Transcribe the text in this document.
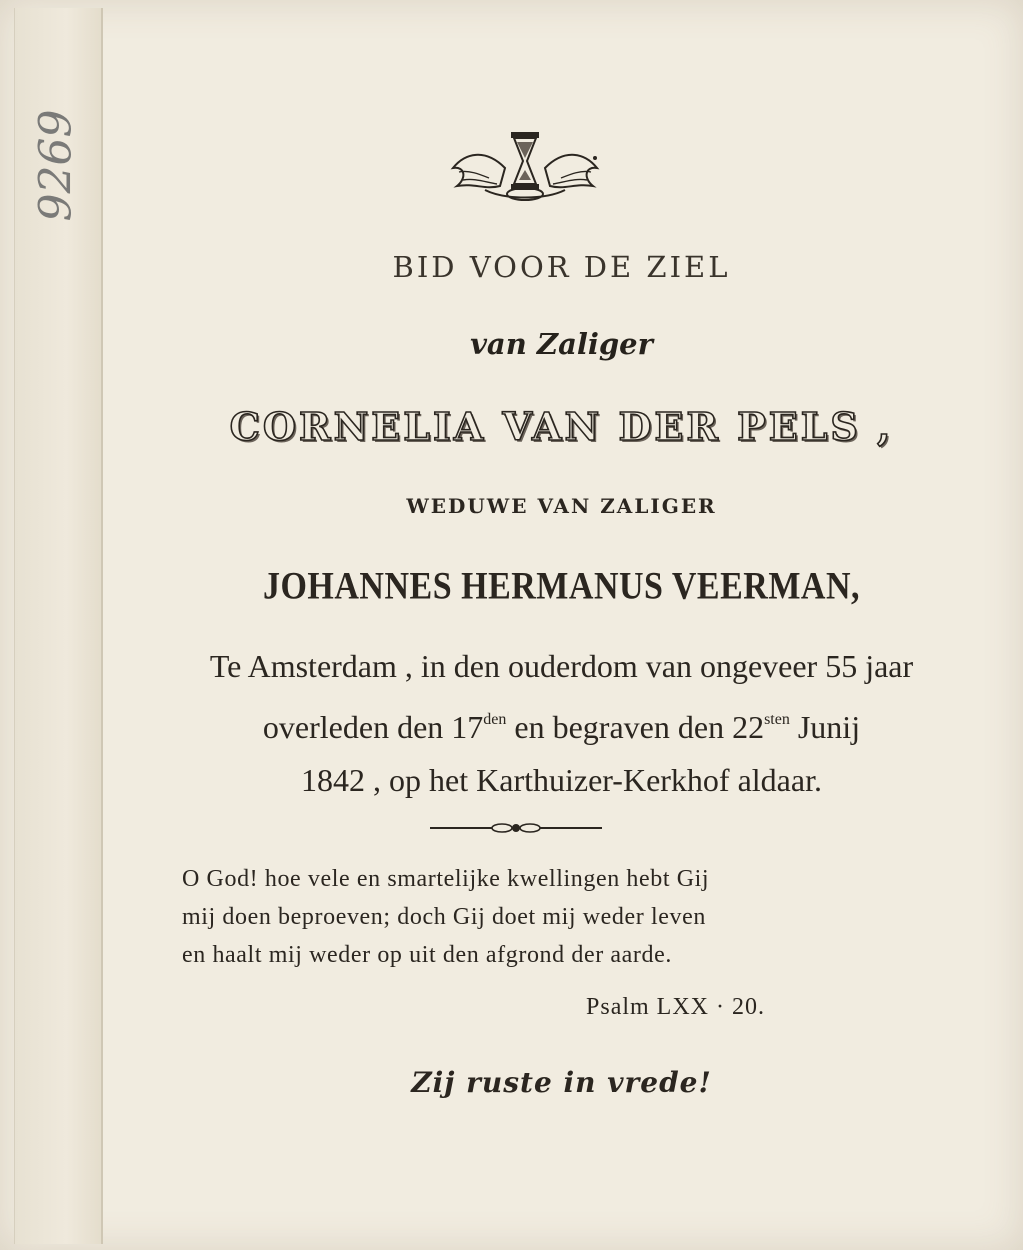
9269

BID VOOR DE ZIEL

van Zaliger

CORNELIA VAN DER PELS ,

WEDUWE VAN ZALIGER

JOHANNES HERMANUS VEERMAN,

Te Amsterdam , in den ouderdom van ongeveer 55 jaar
overleden den $17^{den}$ en begraven den $22^{sten}$ Junij
1842 , op het Karthuizer-Kerkhof aldaar.

O God! hoe vele en smartelijke kwellingen hebt Gij

mij doen beproeven; doch Gij doet mij weder leven

en haalt mij weder op uit den afgrond der aarde.

Psalm LXX · 20.
Zij ruste in vrede!
